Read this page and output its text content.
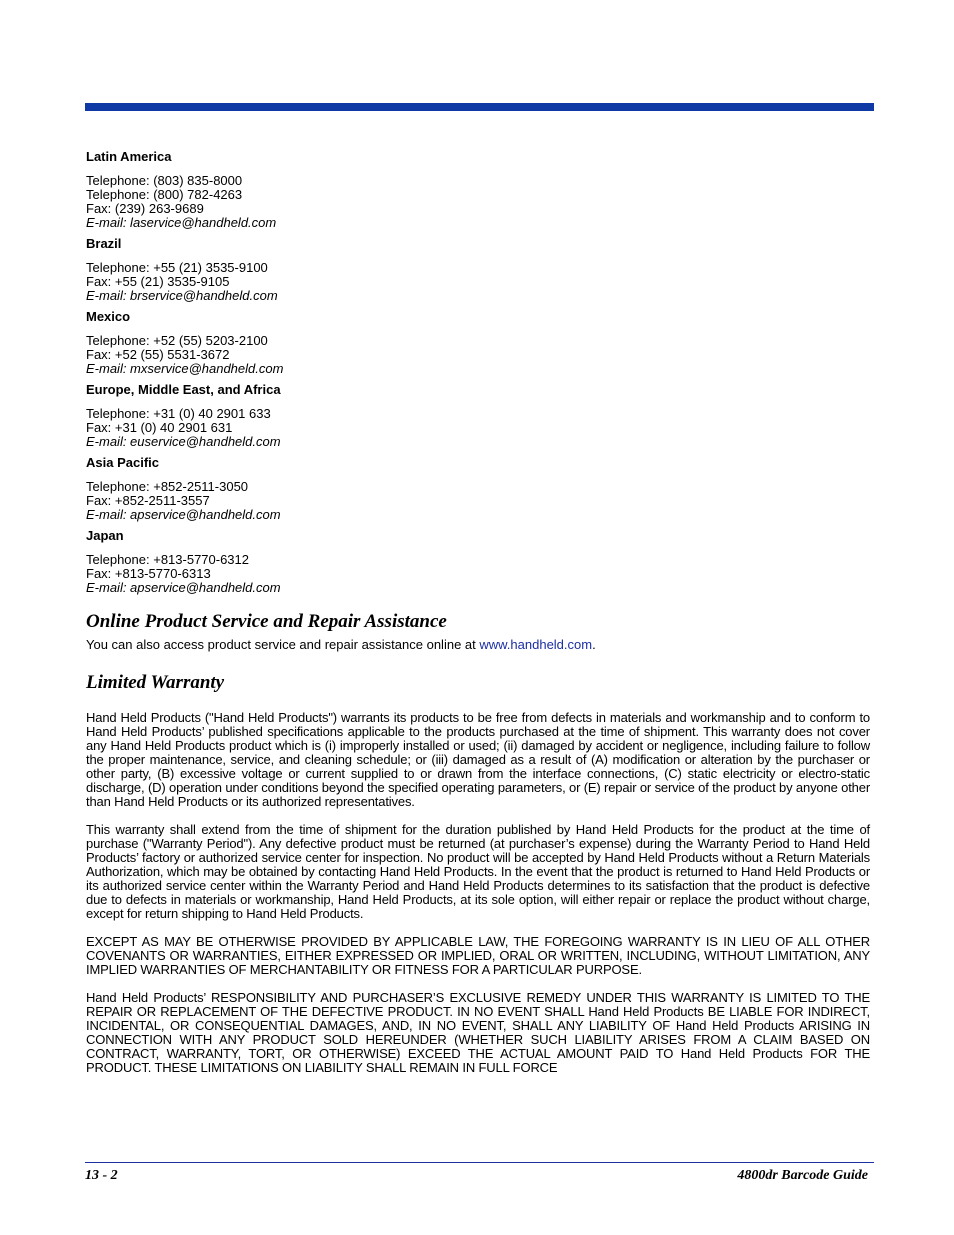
Latin America
Telephone: (803) 835-8000
Telephone: (800) 782-4263
Fax: (239) 263-9689
E-mail: laservice@handheld.com
Brazil
Telephone: +55 (21) 3535-9100
Fax: +55 (21) 3535-9105
E-mail: brservice@handheld.com
Mexico
Telephone: +52 (55) 5203-2100
Fax: +52 (55) 5531-3672
E-mail: mxservice@handheld.com
Europe, Middle East, and Africa
Telephone: +31 (0) 40 2901 633
Fax: +31 (0) 40 2901 631
E-mail: euservice@handheld.com
Asia Pacific
Telephone: +852-2511-3050
Fax: +852-2511-3557
E-mail: apservice@handheld.com
Japan
Telephone: +813-5770-6312
Fax: +813-5770-6313
E-mail: apservice@handheld.com
Online Product Service and Repair Assistance

You can also access product service and repair assistance online at www.handheld.com.

Limited Warranty

Hand Held Products ("Hand Held Products") warrants its products to be free from defects in materials and workmanship and to conform to Hand Held Products’ published specifications applicable to the products purchased at the time of shipment. This warranty does not cover any Hand Held Products product which is (i) improperly installed or used; (ii) damaged by accident or negligence, including failure to follow the proper maintenance, service, and cleaning schedule; or (iii) damaged as a result of (A) modification or alteration by the purchaser or other party, (B) excessive voltage or current supplied to or drawn from the interface connections, (C) static electricity or electro-static discharge, (D) operation under conditions beyond the specified operating parameters, or (E) repair or service of the product by anyone other than Hand Held Products or its authorized representatives.

This warranty shall extend from the time of shipment for the duration published by Hand Held Products for the product at the time of purchase ("Warranty Period"). Any defective product must be returned (at purchaser’s expense) during the Warranty Period to Hand Held Products’ factory or authorized service center for inspection. No product will be accepted by Hand Held Products without a Return Materials Authorization, which may be obtained by contacting Hand Held Products. In the event that the product is returned to Hand Held Products or its authorized service center within the Warranty Period and Hand Held Products determines to its satisfaction that the product is defective due to defects in materials or workmanship, Hand Held Products, at its sole option, will either repair or replace the product without charge, except for return shipping to Hand Held Products.

EXCEPT AS MAY BE OTHERWISE PROVIDED BY APPLICABLE LAW, THE FOREGOING WARRANTY IS IN LIEU OF ALL OTHER COVENANTS OR WARRANTIES, EITHER EXPRESSED OR IMPLIED, ORAL OR WRITTEN, INCLUDING, WITHOUT LIMITATION, ANY IMPLIED WARRANTIES OF MERCHANTABILITY OR FITNESS FOR A PARTICULAR PURPOSE.

Hand Held Products’ RESPONSIBILITY AND PURCHASER’S EXCLUSIVE REMEDY UNDER THIS WARRANTY IS LIMITED TO THE REPAIR OR REPLACEMENT OF THE DEFECTIVE PRODUCT. IN NO EVENT SHALL Hand Held Products BE LIABLE FOR INDIRECT, INCIDENTAL, OR CONSEQUENTIAL DAMAGES, AND, IN NO EVENT, SHALL ANY LIABILITY OF Hand Held Products ARISING IN CONNECTION WITH ANY PRODUCT SOLD HEREUNDER (WHETHER SUCH LIABILITY ARISES FROM A CLAIM BASED ON CONTRACT, WARRANTY, TORT, OR OTHERWISE) EXCEED THE ACTUAL AMOUNT PAID TO Hand Held Products FOR THE PRODUCT. THESE LIMITATIONS ON LIABILITY SHALL REMAIN IN FULL FORCE

13 - 2	4800dr Barcode Guide
